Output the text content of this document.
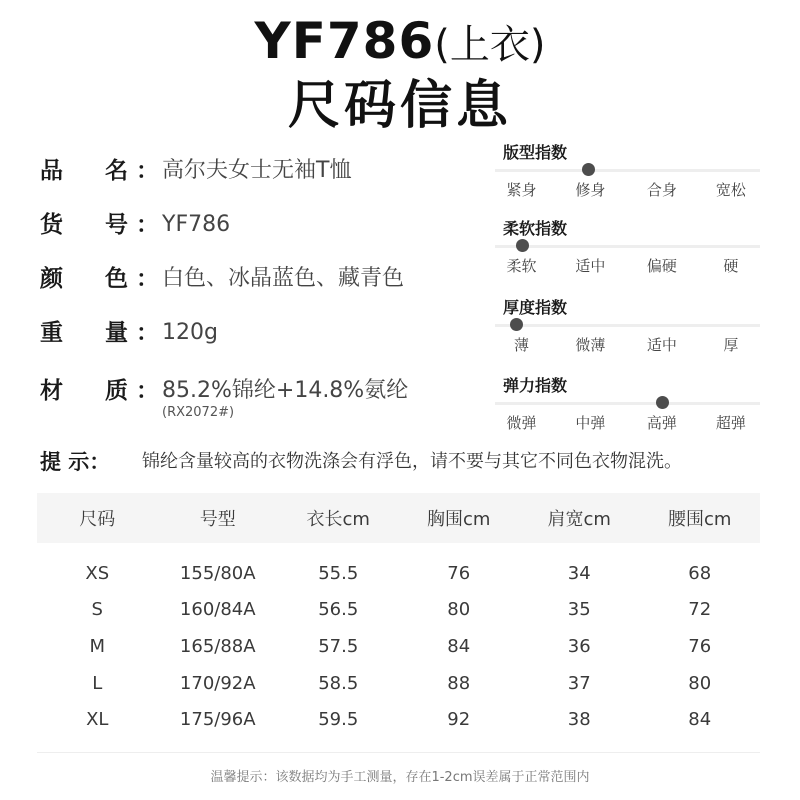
YF786(上衣)
尺码信息
品 名 ： 高尔夫女士无袖T恤
货 号 ： YF786
颜 色 ： 白色、冰晶蓝色、藏青色
重 量 ： 120g
材 质 ： 85.2%锦纶+14.8%氨纶
(RX2072#)
版型指数
紧身	修身	合身	宽松
柔软指数
柔软	适中	偏硬	硬
厚度指数
薄	微薄	适中	厚
弹力指数
微弹	中弹	高弹	超弹
提 示： 锦纶含量较高的衣物洗涤会有浮色，请不要与其它不同色衣物混洗。
尺码	号型	衣长cm	胸围cm	肩宽cm	腰围cm

XS	155/80A	55.5	76	34	68
S	160/84A	56.5	80	35	72
M	165/88A	57.5	84	36	76
L	170/92A	58.5	88	37	80
XL	175/96A	59.5	92	38	84
温馨提示：该数据均为手工测量，存在1-2cm误差属于正常范围内
